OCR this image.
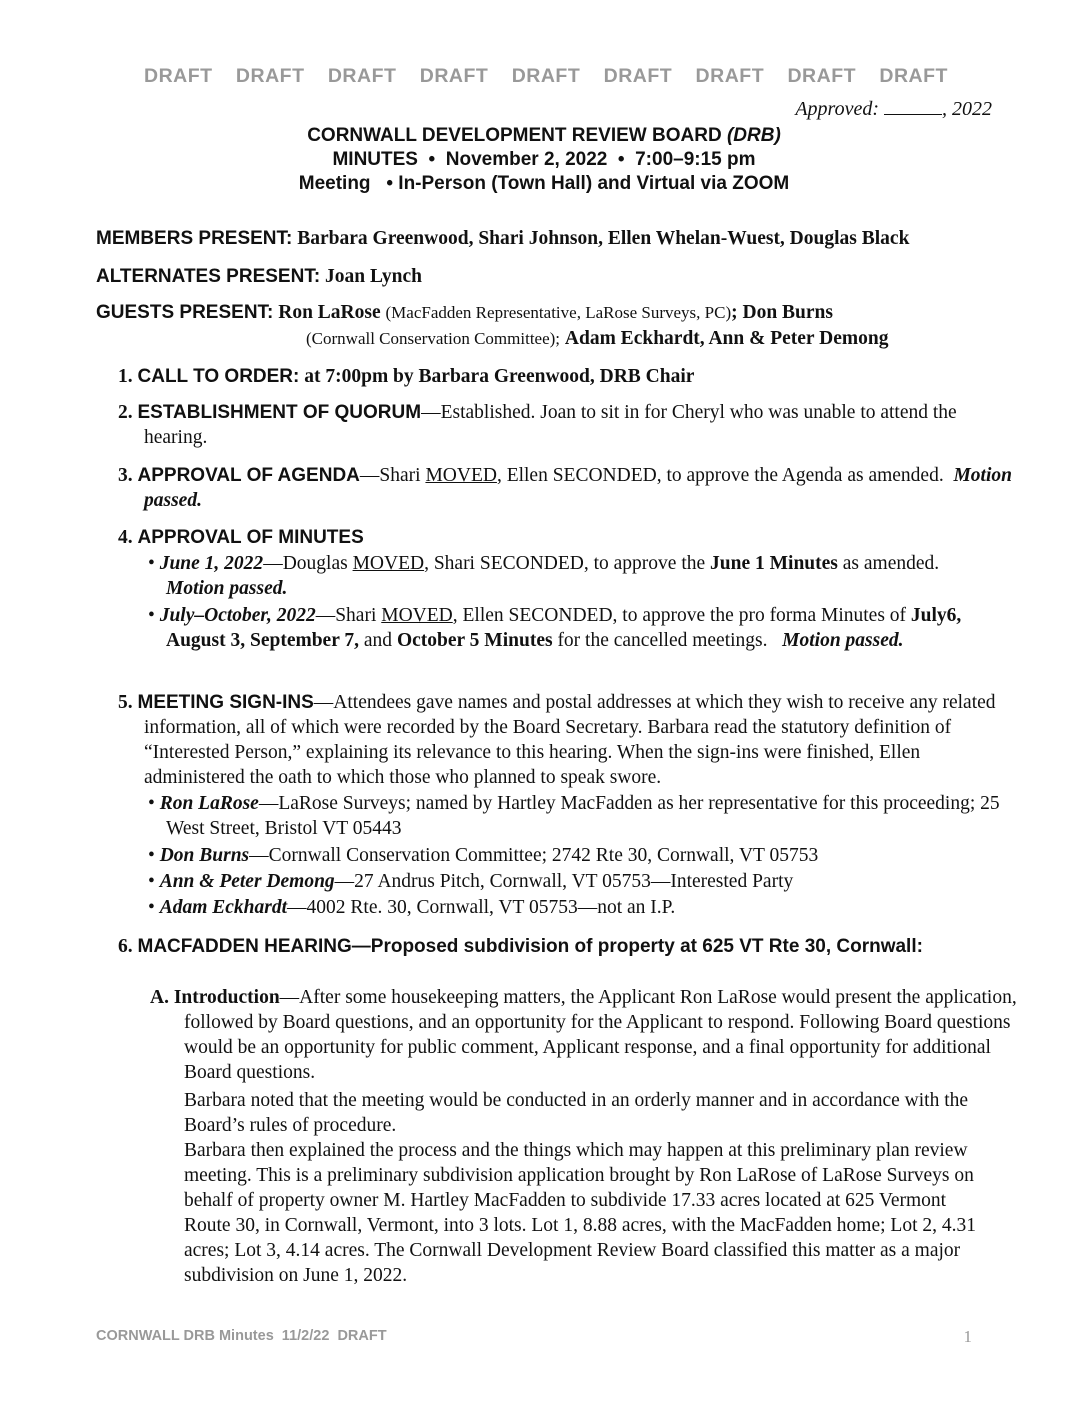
DRAFT DRAFT DRAFT DRAFT DRAFT DRAFT DRAFT DRAFT DRAFT
Approved:	, 2022
CORNWALL DEVELOPMENT REVIEW BOARD (DRB)
MINUTES  •  November 2, 2022  •  7:00–9:15 pm
Meeting   • In-Person (Town Hall) and Virtual via ZOOM
MEMBERS PRESENT: Barbara Greenwood, Shari Johnson, Ellen Whelan-Wuest, Douglas Black
ALTERNATES PRESENT: Joan Lynch
GUESTS PRESENT: Ron LaRose (MacFadden Representative, LaRose Surveys, PC); Don Burns
(Cornwall Conservation Committee); Adam Eckhardt, Ann & Peter Demong
1. CALL TO ORDER: at 7:00pm by Barbara Greenwood, DRB Chair
2. ESTABLISHMENT OF QUORUM—Established. Joan to sit in for Cheryl who was unable to attend the hearing.
3. APPROVAL OF AGENDA—Shari MOVED, Ellen SECONDED, to approve the Agenda as amended.  Motion passed.
4. APPROVAL OF MINUTES
• June 1, 2022—Douglas MOVED, Shari SECONDED, to approve the June 1 Minutes as amended.   Motion passed.
• July–October, 2022—Shari MOVED, Ellen SECONDED, to approve the pro forma Minutes of July6, August 3, September 7, and October 5 Minutes for the cancelled meetings.   Motion passed.
5. MEETING SIGN-INS—Attendees gave names and postal addresses at which they wish to receive any related information, all of which were recorded by the Board Secretary. Barbara read the statutory definition of “Interested Person,” explaining its relevance to this hearing. When the sign-ins were finished, Ellen administered the oath to which those who planned to speak swore.
• Ron LaRose—LaRose Surveys; named by Hartley MacFadden as her representative for this proceeding; 25 West Street, Bristol VT 05443
• Don Burns—Cornwall Conservation Committee; 2742 Rte 30, Cornwall, VT 05753
• Ann & Peter Demong—27 Andrus Pitch, Cornwall, VT 05753—Interested Party
• Adam Eckhardt—4002 Rte. 30, Cornwall, VT 05753—not an I.P.
6. MACFADDEN HEARING—Proposed subdivision of property at 625 VT Rte 30, Cornwall:
A. Introduction—After some housekeeping matters, the Applicant Ron LaRose would present the application, followed by Board questions, and an opportunity for the Applicant to respond. Following Board questions would be an opportunity for public comment, Applicant response, and a final opportunity for additional Board questions.
Barbara noted that the meeting would be conducted in an orderly manner and in accordance with the Board’s rules of procedure.
Barbara then explained the process and the things which may happen at this preliminary plan review meeting. This is a preliminary subdivision application brought by Ron LaRose of LaRose Surveys on behalf of property owner M. Hartley MacFadden to subdivide 17.33 acres located at 625 Vermont Route 30, in Cornwall, Vermont, into 3 lots. Lot 1, 8.88 acres, with the MacFadden home; Lot 2, 4.31 acres; Lot 3, 4.14 acres. The Cornwall Development Review Board classified this matter as a major subdivision on June 1, 2022.
CORNWALL DRB Minutes  11/2/22  DRAFT	1
